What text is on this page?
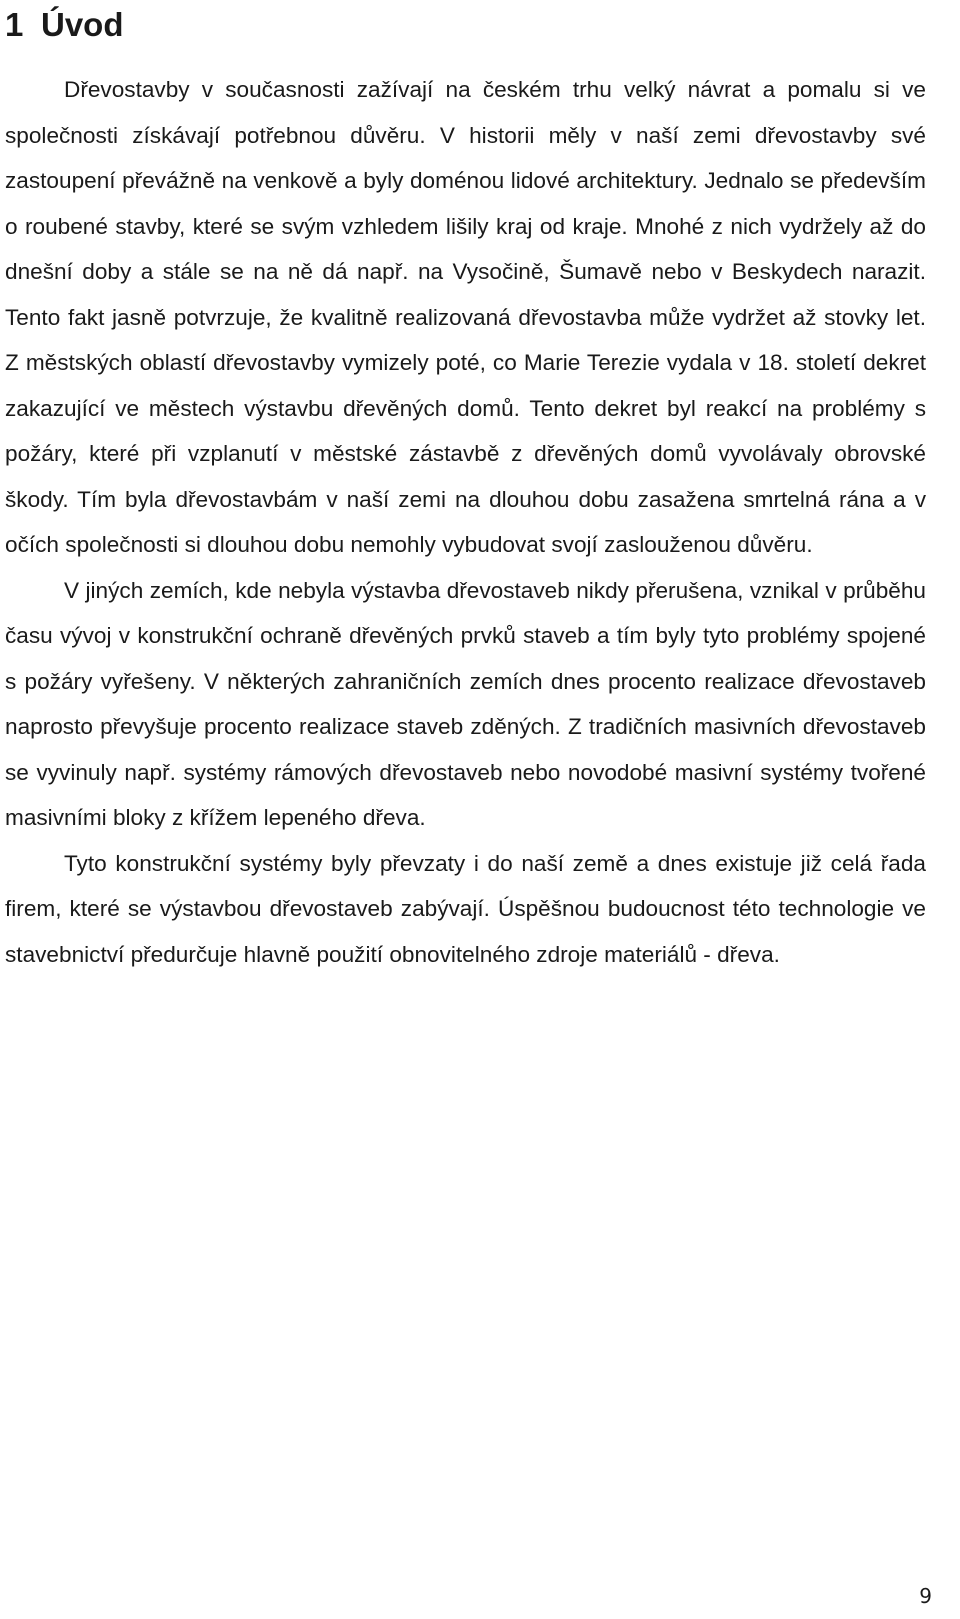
1 Úvod

Dřevostavby v současnosti zažívají na českém trhu velký návrat a pomalu si ve společnosti získávají potřebnou důvěru. V historii měly v naší zemi dřevostavby své zastoupení převážně na venkově a byly doménou lidové architektury. Jednalo se především o roubené stavby, které se svým vzhledem lišily kraj od kraje. Mnohé z nich vydržely až do dnešní doby a stále se na ně dá např. na Vysočině, Šumavě nebo v Beskydech narazit. Tento fakt jasně potvrzuje, že kvalitně realizovaná dřevostavba může vydržet až stovky let. Z městských oblastí dřevostavby vymizely poté, co Marie Terezie vydala v 18. století dekret zakazující ve městech výstavbu dřevěných domů. Tento dekret byl reakcí na problémy s požáry, které při vzplanutí v městské zástavbě z dřevěných domů vyvolávaly obrovské škody. Tím byla dřevostavbám v naší zemi na dlouhou dobu zasažena smrtelná rána a v očích společnosti si dlouhou dobu nemohly vybudovat svojí zaslouženou důvěru.

V jiných zemích, kde nebyla výstavba dřevostaveb nikdy přerušena, vznikal v průběhu času vývoj v konstrukční ochraně dřevěných prvků staveb a tím byly tyto problémy spojené s požáry vyřešeny. V některých zahraničních zemích dnes procento realizace dřevostaveb naprosto převyšuje procento realizace staveb zděných. Z tradičních masivních dřevostaveb se vyvinuly např. systémy rámových dřevostaveb nebo novodobé masivní systémy tvořené masivními bloky z křížem lepeného dřeva.

Tyto konstrukční systémy byly převzaty i do naší země a dnes existuje již celá řada firem, které se výstavbou dřevostaveb zabývají. Úspěšnou budoucnost této technologie ve stavebnictví předurčuje hlavně použití obnovitelného zdroje materiálů - dřeva.

9
